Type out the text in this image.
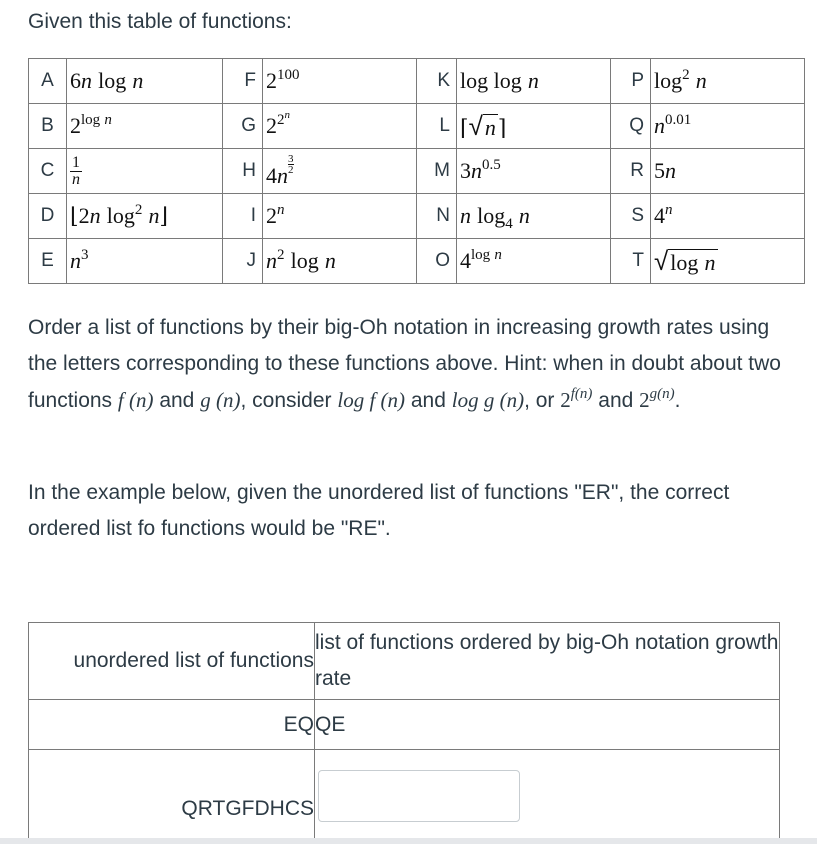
Given this table of functions:
A	6n log n	F	$2^{100}$	K	log log n	P	$\log^2 n$
B	$2^{log n}$	G	$2^{2^n}$	L	⌈√n⌉	Q	$n^{0.01}$
C	$\frac{1}{n}$	H	$4n \frac{3}{2}$	M	$3n^{0.5}$	R	5n
D	⌊2n $\log^2$ n⌋	I	2$^n$	N	n $\log_4 n$	S	4$^n$
E	$n^3$	J	$n^2$ log n	O	$4^{log n}$	T	√log n
Order a list of functions by their big-Oh notation in increasing growth rates using the letters corresponding to these functions above. Hint: when in doubt about two functions f (n) and g (n), consider log f (n) and log g (n), or $2^{f(n)}$ and $2^{g(n)}$.
In the example below, given the unordered list of functions "ER", the correct ordered list fo functions would be "RE".
unordered list of functions	list of functions ordered by big-Oh notation growth rate
EQ	QE
QRTGFDHCS	
